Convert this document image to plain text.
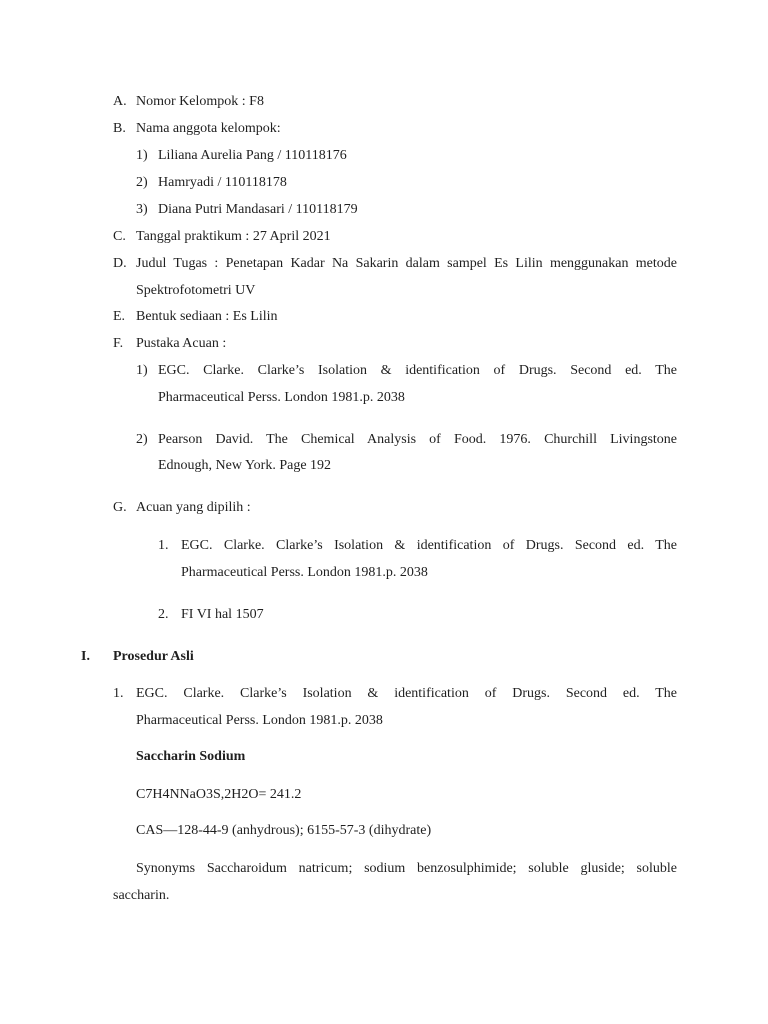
A. Nomor Kelompok : F8
B. Nama anggota kelompok:
1) Liliana Aurelia Pang / 110118176
2) Hamryadi / 110118178
3) Diana Putri Mandasari / 110118179
C. Tanggal praktikum : 27 April 2021
D. Judul Tugas : Penetapan Kadar Na Sakarin dalam sampel Es Lilin menggunakan metode
Spektrofotometri UV
E. Bentuk sediaan : Es Lilin
F. Pustaka Acuan :
1) EGC. Clarke. Clarke’s Isolation & identification of Drugs. Second ed. The
Pharmaceutical Perss. London 1981.p. 2038
2) Pearson David. The Chemical Analysis of Food. 1976. Churchill Livingstone
Ednough, New York. Page 192
G. Acuan yang dipilih :
1. EGC. Clarke. Clarke’s Isolation & identification of Drugs. Second ed. The
Pharmaceutical Perss. London 1981.p. 2038
2. FI VI hal 1507
I. Prosedur Asli
1. EGC. Clarke. Clarke’s Isolation & identification of Drugs. Second ed. The
Pharmaceutical Perss. London 1981.p. 2038
Saccharin Sodium
C7H4NNaO3S,2H2O= 241.2
CAS—128-44-9 (anhydrous); 6155-57-3 (dihydrate)
Synonyms Saccharoidum natricum; sodium benzosulphimide; soluble gluside; soluble
saccharin.
